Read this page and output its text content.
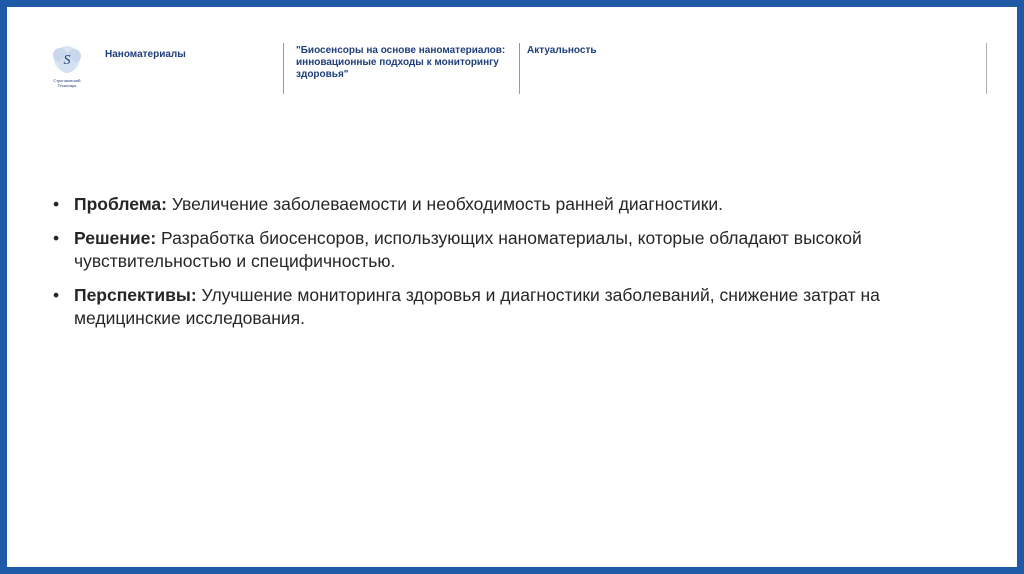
S
Строгановский
Технопарк
Наноматериалы	"Биосенсоры на основе наноматериалов: инновационные подходы к мониторингу здоровья"
Актуальность
• Проблема: Увеличение заболеваемости и необходимость ранней диагностики.
• Решение: Разработка биосенсоров, использующих наноматериалы, которые обладают высокой чувствительностью и специфичностью.
• Перспективы: Улучшение мониторинга здоровья и диагностики заболеваний, снижение затрат на медицинские исследования.
